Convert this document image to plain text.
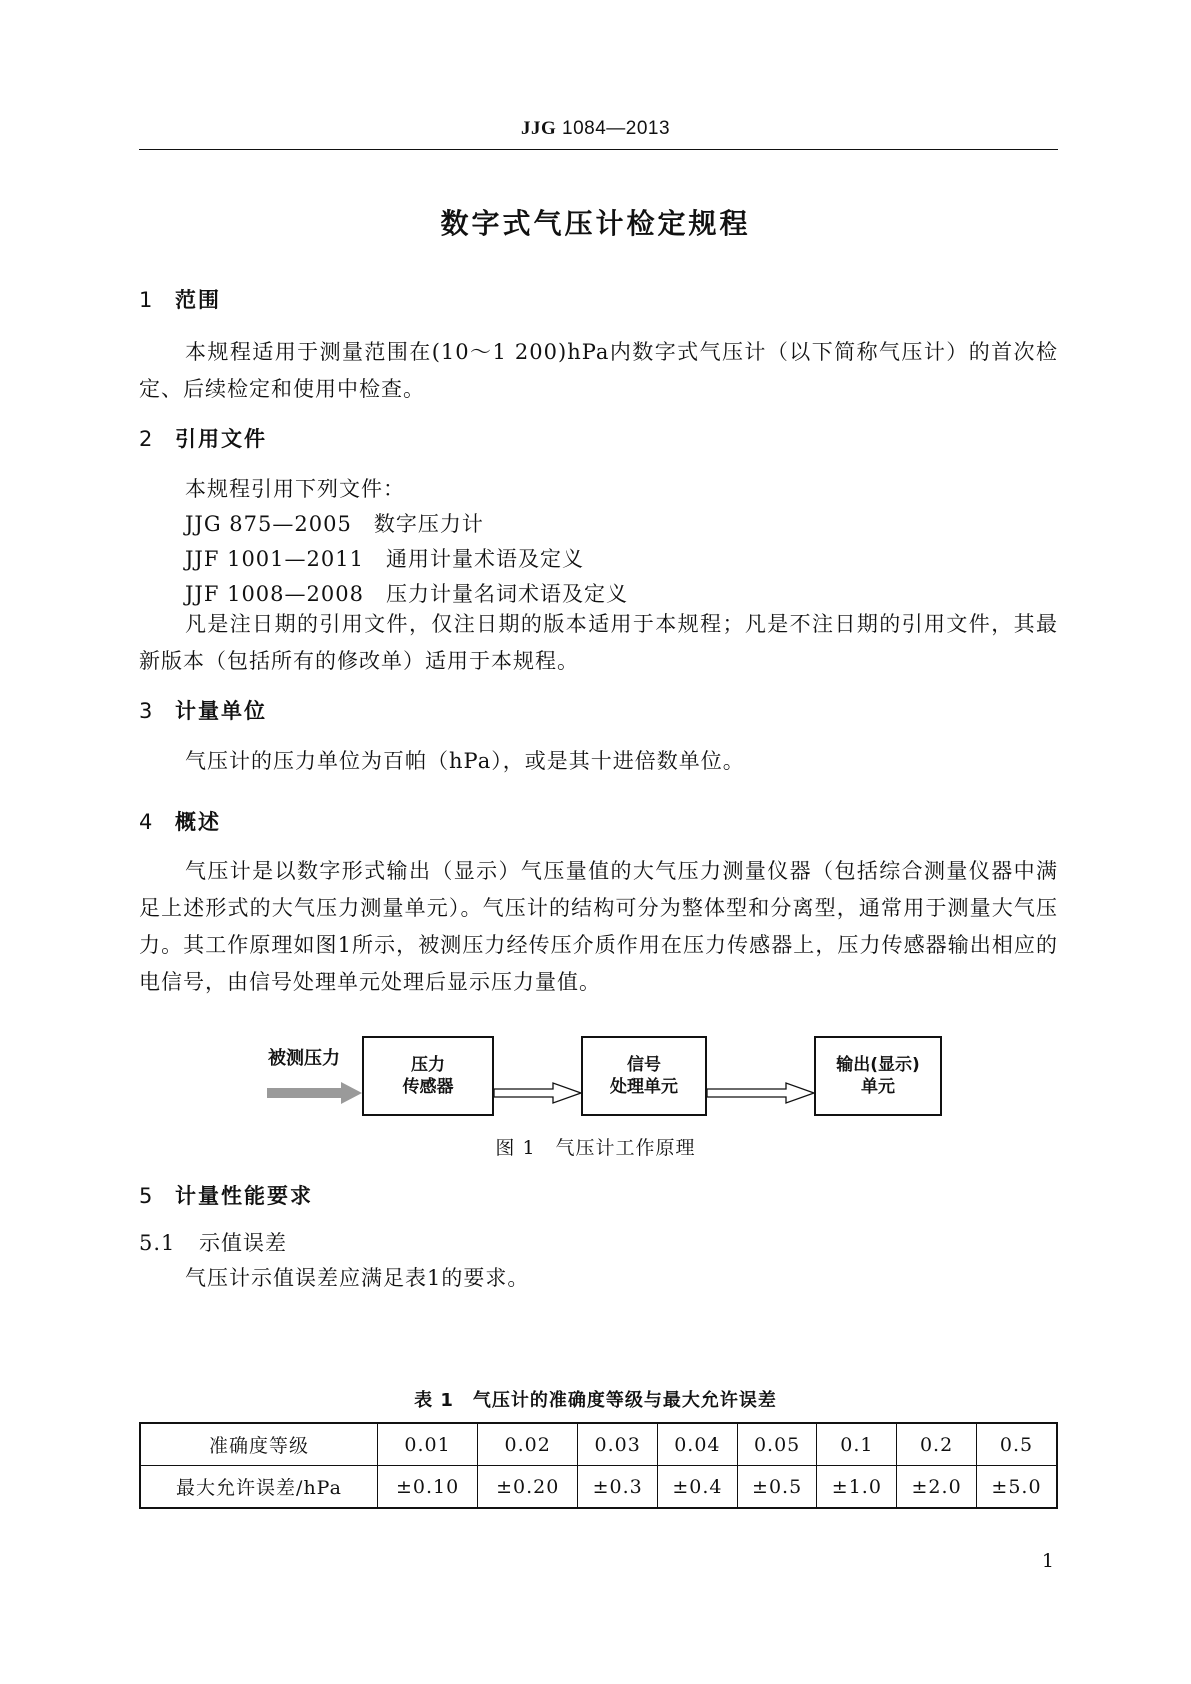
JJG 1084—2013
数字式气压计检定规程
1 范围

本规程适用于测量范围在(10～1 200)hPa内数字式气压计（以下简称气压计）的首次检定、后续检定和使用中检查。

2 引用文件
本规程引用下列文件：
JJG 875—2005　 数字压力计
JJF 1001—2011　 通用计量术语及定义
JJF 1008—2008　 压力计量名词术语及定义

凡是注日期的引用文件，仅注日期的版本适用于本规程；凡是不注日期的引用文件，其最新版本（包括所有的修改单）适用于本规程。

3 计量单位

气压计的压力单位为百帕（hPa），或是其十进倍数单位。

4 概述

气压计是以数字形式输出（显示）气压量值的大气压力测量仪器（包括综合测量仪器中满足上述形式的大气压力测量单元）。气压计的结构可分为整体型和分离型，通常用于测量大气压力。其工作原理如图1所示，被测压力经传压介质作用在压力传感器上，压力传感器输出相应的电信号，由信号处理单元处理后显示压力量值。

被测压力	压力
传感器
信号
处理单元
输出(显示)
单元
图 1　气压计工作原理
5 计量性能要求
5.1 示值误差
气压计示值误差应满足表1的要求。
表 1　气压计的准确度等级与最大允许误差
准确度等级	0.01	0.02	0.03	0.04	0.05	0.1	0.2	0.5
最大允许误差/hPa	±0.10	±0.20	±0.3	±0.4	±0.5	±1.0	±2.0	±5.0
1
